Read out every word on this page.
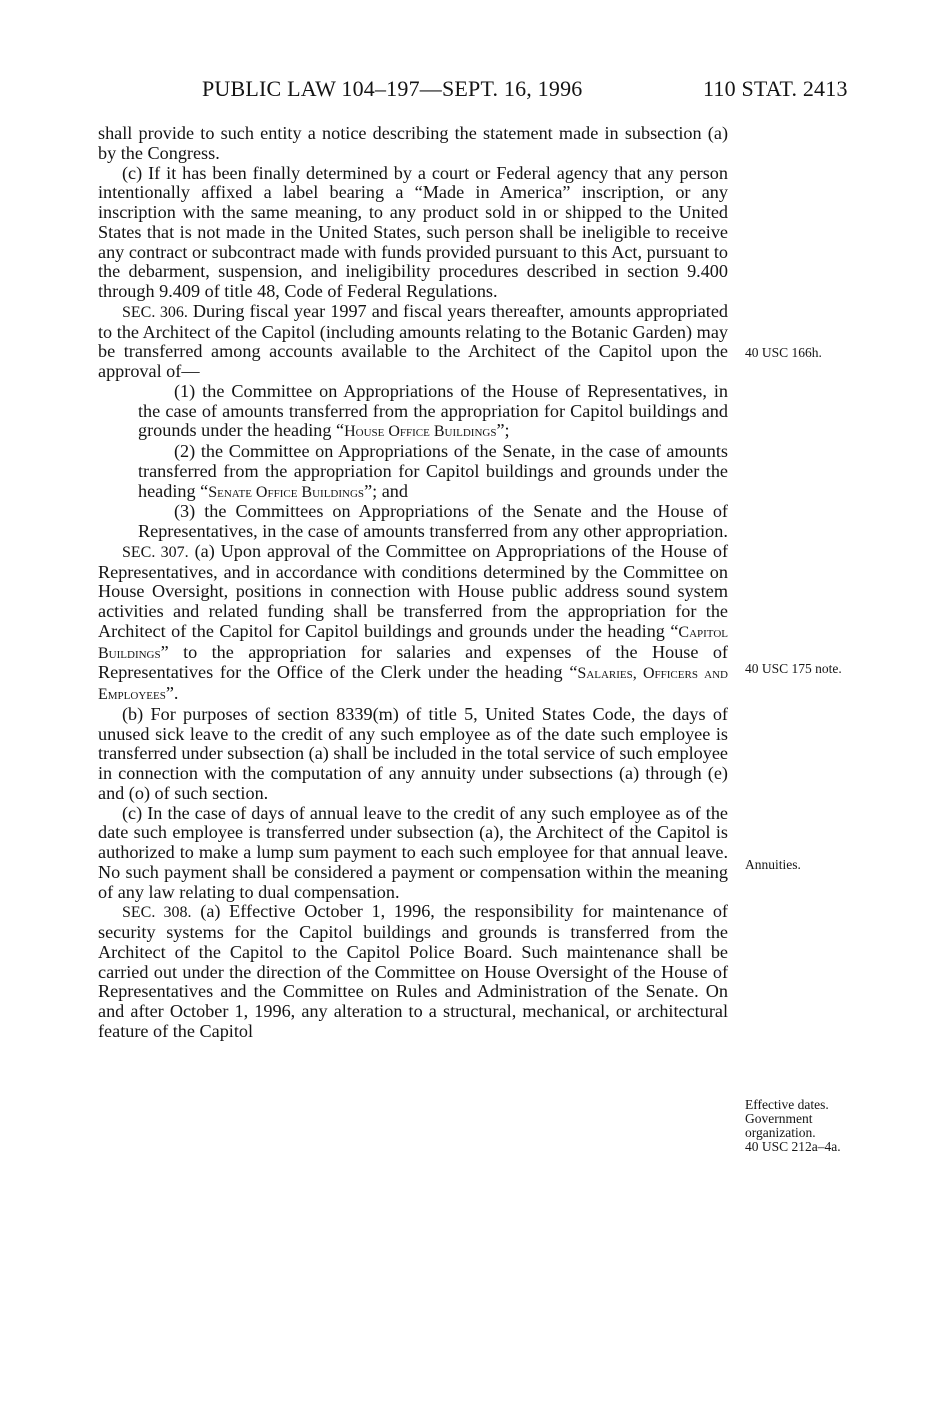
PUBLIC LAW 104–197—SEPT. 16, 1996	110 STAT. 2413

shall provide to such entity a notice describing the statement made in subsection (a) by the Congress.

(c) If it has been finally determined by a court or Federal agency that any person intentionally affixed a label bearing a “Made in America” inscription, or any inscription with the same meaning, to any product sold in or shipped to the United States that is not made in the United States, such person shall be ineligible to receive any contract or subcontract made with funds provided pursuant to this Act, pursuant to the debarment, suspension, and ineligibility procedures described in section 9.400 through 9.409 of title 48, Code of Federal Regulations.

SEC. 306. During fiscal year 1997 and fiscal years thereafter, amounts appropriated to the Architect of the Capitol (including amounts relating to the Botanic Garden) may be transferred among accounts available to the Architect of the Capitol upon the approval of—

(1) the Committee on Appropriations of the House of Representatives, in the case of amounts transferred from the appropriation for Capitol buildings and grounds under the heading “House Office Buildings”;

(2) the Committee on Appropriations of the Senate, in the case of amounts transferred from the appropriation for Capitol buildings and grounds under the heading “Senate Office Buildings”; and

(3) the Committees on Appropriations of the Senate and the House of Representatives, in the case of amounts transferred from any other appropriation.

SEC. 307. (a) Upon approval of the Committee on Appropriations of the House of Representatives, and in accordance with conditions determined by the Committee on House Oversight, positions in connection with House public address sound system activities and related funding shall be transferred from the appropriation for the Architect of the Capitol for Capitol buildings and grounds under the heading “Capitol Buildings” to the appropriation for salaries and expenses of the House of Representatives for the Office of the Clerk under the heading “Salaries, Officers and Employees”.

(b) For purposes of section 8339(m) of title 5, United States Code, the days of unused sick leave to the credit of any such employee as of the date such employee is transferred under subsection (a) shall be included in the total service of such employee in connection with the computation of any annuity under subsections (a) through (e) and (o) of such section.

(c) In the case of days of annual leave to the credit of any such employee as of the date such employee is transferred under subsection (a), the Architect of the Capitol is authorized to make a lump sum payment to each such employee for that annual leave. No such payment shall be considered a payment or compensation within the meaning of any law relating to dual compensation.

SEC. 308. (a) Effective October 1, 1996, the responsibility for maintenance of security systems for the Capitol buildings and grounds is transferred from the Architect of the Capitol to the Capitol Police Board. Such maintenance shall be carried out under the direction of the Committee on House Oversight of the House of Representatives and the Committee on Rules and Administration of the Senate. On and after October 1, 1996, any alteration to a structural, mechanical, or architectural feature of the Capitol

40 USC 166h.
40 USC 175 note.
Annuities.
Effective dates.
Government organization.
40 USC 212a–4a.
